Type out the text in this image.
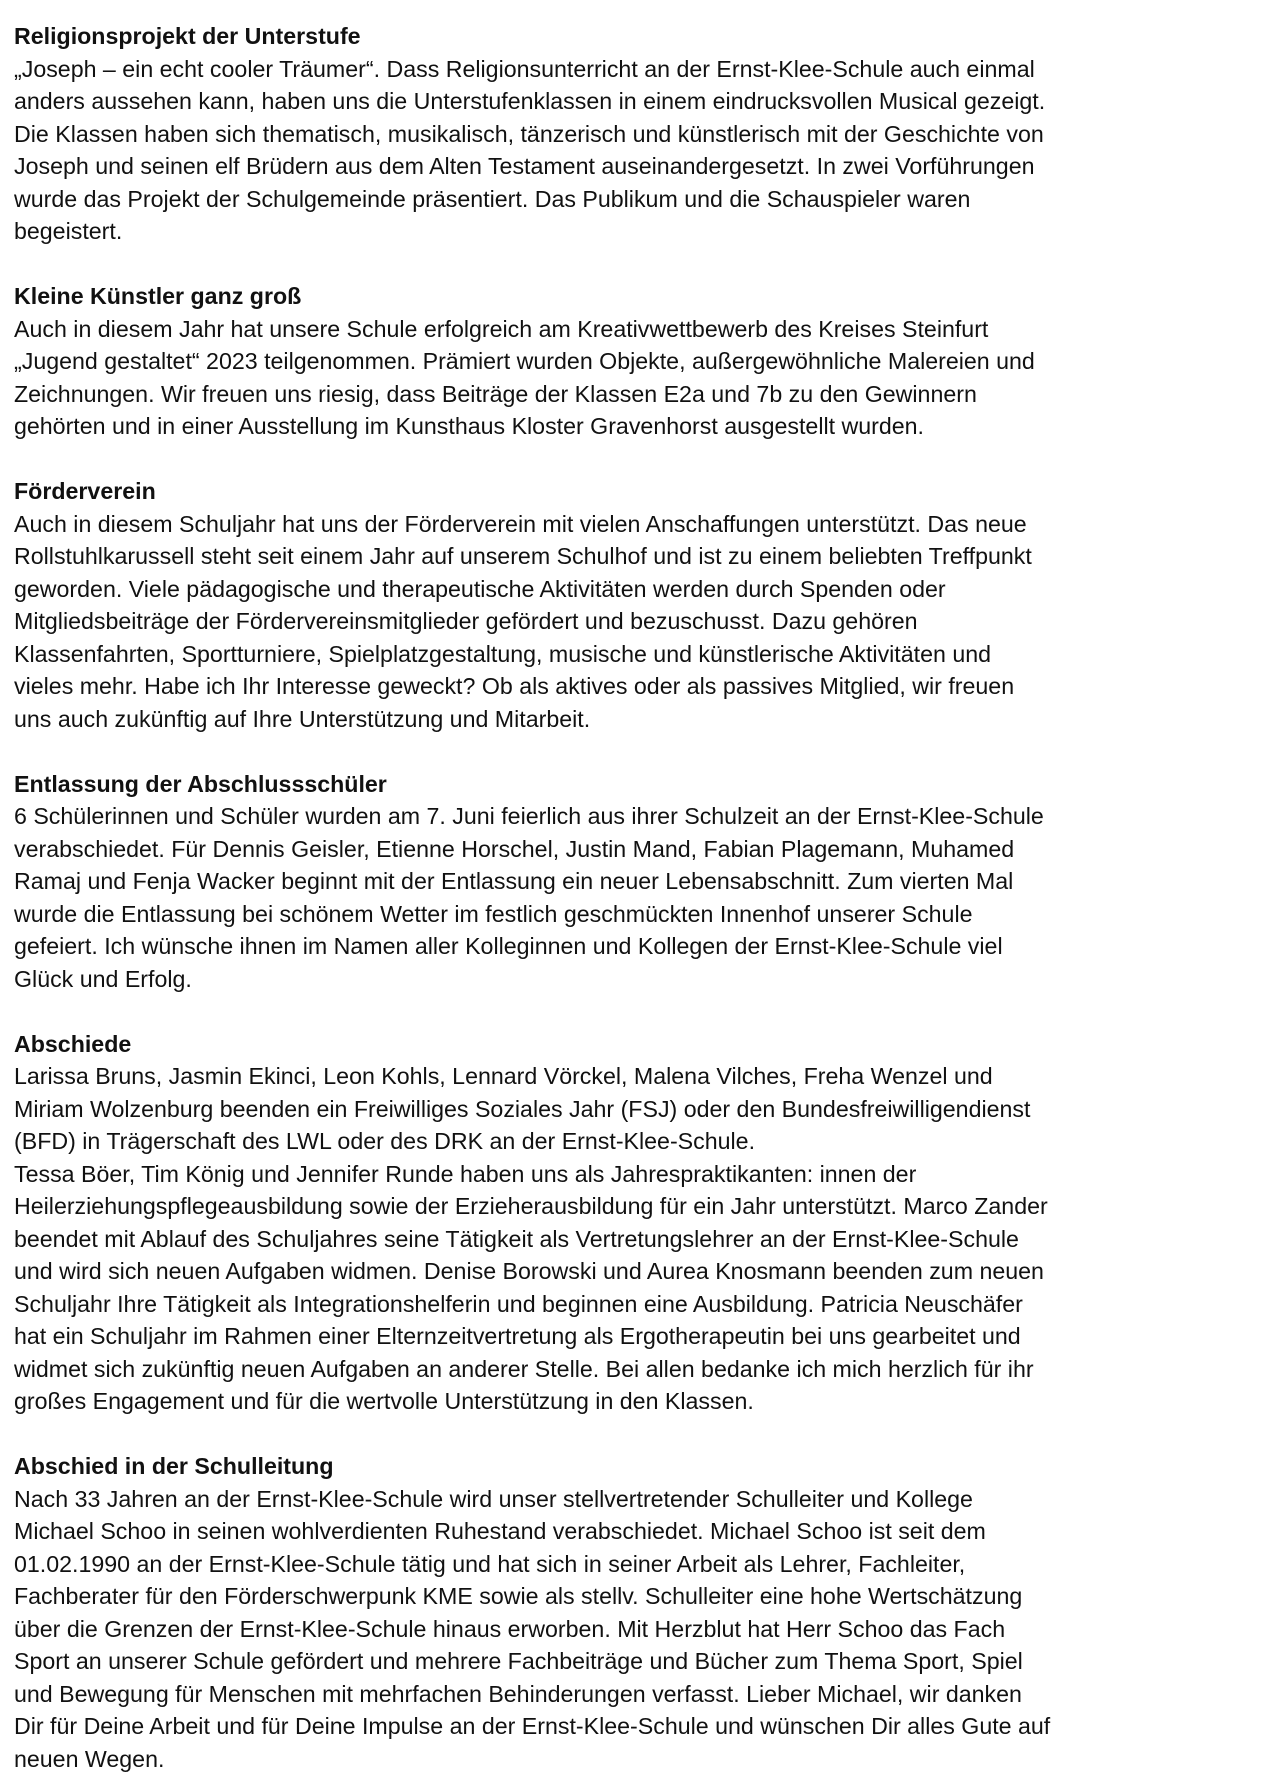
Religionsprojekt der Unterstufe
„Joseph – ein echt cooler Träumer“. Dass Religionsunterricht an der Ernst-Klee-Schule auch einmal
anders aussehen kann, haben uns die Unterstufenklassen in einem eindrucksvollen Musical gezeigt.
Die Klassen haben sich thematisch, musikalisch, tänzerisch und künstlerisch mit der Geschichte von
Joseph und seinen elf Brüdern aus dem Alten Testament auseinandergesetzt. In zwei Vorführungen
wurde das Projekt der Schulgemeinde präsentiert. Das Publikum und die Schauspieler waren
begeistert.
Kleine Künstler ganz groß
Auch in diesem Jahr hat unsere Schule erfolgreich am Kreativwettbewerb des Kreises Steinfurt
„Jugend gestaltet“ 2023 teilgenommen. Prämiert wurden Objekte, außergewöhnliche Malereien und
Zeichnungen. Wir freuen uns riesig, dass Beiträge der Klassen E2a und 7b zu den Gewinnern
gehörten und in einer Ausstellung im Kunsthaus Kloster Gravenhorst ausgestellt wurden.
Förderverein
Auch in diesem Schuljahr hat uns der Förderverein mit vielen Anschaffungen unterstützt. Das neue
Rollstuhlkarussell steht seit einem Jahr auf unserem Schulhof und ist zu einem beliebten Treffpunkt
geworden. Viele pädagogische und therapeutische Aktivitäten werden durch Spenden oder
Mitgliedsbeiträge der Fördervereinsmitglieder gefördert und bezuschusst. Dazu gehören
Klassenfahrten, Sportturniere, Spielplatzgestaltung, musische und künstlerische Aktivitäten und
vieles mehr. Habe ich Ihr Interesse geweckt? Ob als aktives oder als passives Mitglied, wir freuen
uns auch zukünftig auf Ihre Unterstützung und Mitarbeit.
Entlassung der Abschlussschüler
6 Schülerinnen und Schüler wurden am 7. Juni feierlich aus ihrer Schulzeit an der Ernst-Klee-Schule
verabschiedet. Für Dennis Geisler, Etienne Horschel, Justin Mand, Fabian Plagemann, Muhamed
Ramaj und Fenja Wacker beginnt mit der Entlassung ein neuer Lebensabschnitt. Zum vierten Mal
wurde die Entlassung bei schönem Wetter im festlich geschmückten Innenhof unserer Schule
gefeiert. Ich wünsche ihnen im Namen aller Kolleginnen und Kollegen der Ernst-Klee-Schule viel
Glück und Erfolg.
Abschiede
Larissa Bruns, Jasmin Ekinci, Leon Kohls, Lennard Vörckel, Malena Vilches, Freha Wenzel und
Miriam Wolzenburg beenden ein Freiwilliges Soziales Jahr (FSJ) oder den Bundesfreiwilligendienst
(BFD) in Trägerschaft des LWL oder des DRK an der Ernst-Klee-Schule.
Tessa Böer, Tim König und Jennifer Runde haben uns als Jahrespraktikanten: innen der
Heilerziehungspflegeausbildung sowie der Erzieherausbildung für ein Jahr unterstützt. Marco Zander
beendet mit Ablauf des Schuljahres seine Tätigkeit als Vertretungslehrer an der Ernst-Klee-Schule
und wird sich neuen Aufgaben widmen. Denise Borowski und Aurea Knosmann beenden zum neuen
Schuljahr Ihre Tätigkeit als Integrationshelferin und beginnen eine Ausbildung. Patricia Neuschäfer
hat ein Schuljahr im Rahmen einer Elternzeitvertretung als Ergotherapeutin bei uns gearbeitet und
widmet sich zukünftig neuen Aufgaben an anderer Stelle. Bei allen bedanke ich mich herzlich für ihr
großes Engagement und für die wertvolle Unterstützung in den Klassen.
Abschied in der Schulleitung
Nach 33 Jahren an der Ernst-Klee-Schule wird unser stellvertretender Schulleiter und Kollege
Michael Schoo in seinen wohlverdienten Ruhestand verabschiedet. Michael Schoo ist seit dem
01.02.1990 an der Ernst-Klee-Schule tätig und hat sich in seiner Arbeit als Lehrer, Fachleiter,
Fachberater für den Förderschwerpunk KME sowie als stellv. Schulleiter eine hohe Wertschätzung
über die Grenzen der Ernst-Klee-Schule hinaus erworben. Mit Herzblut hat Herr Schoo das Fach
Sport an unserer Schule gefördert und mehrere Fachbeiträge und Bücher zum Thema Sport, Spiel
und Bewegung für Menschen mit mehrfachen Behinderungen verfasst. Lieber Michael, wir danken
Dir für Deine Arbeit und für Deine Impulse an der Ernst-Klee-Schule und wünschen Dir alles Gute auf
neuen Wegen.
